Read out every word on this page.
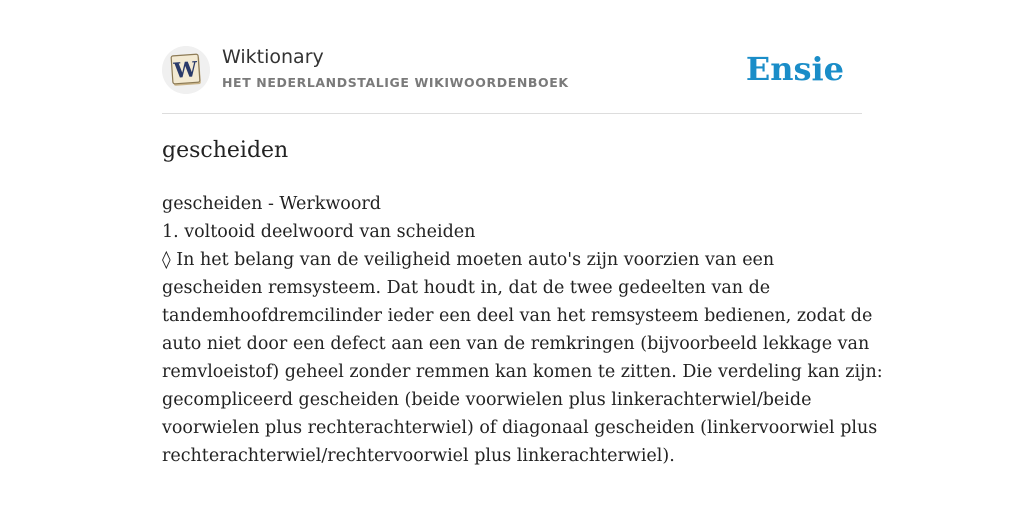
W Wiktionary
HET NEDERLANDSTALIGE WIKIWOORDENBOEK	Ensie
gescheiden
gescheiden - Werkwoord
1. voltooid deelwoord van scheiden
◊ In het belang van de veiligheid moeten auto's zijn voorzien van een
gescheiden remsysteem. Dat houdt in, dat de twee gedeelten van de
tandemhoofdremcilinder ieder een deel van het remsysteem bedienen, zodat de
auto niet door een defect aan een van de remkringen (bijvoorbeeld lekkage van
remvloeistof) geheel zonder remmen kan komen te zitten. Die verdeling kan zijn:
gecompliceerd gescheiden (beide voorwielen plus linkerachterwiel/beide
voorwielen plus rechterachterwiel) of diagonaal gescheiden (linkervoorwiel plus
rechterachterwiel/rechtervoorwiel plus linkerachterwiel).
